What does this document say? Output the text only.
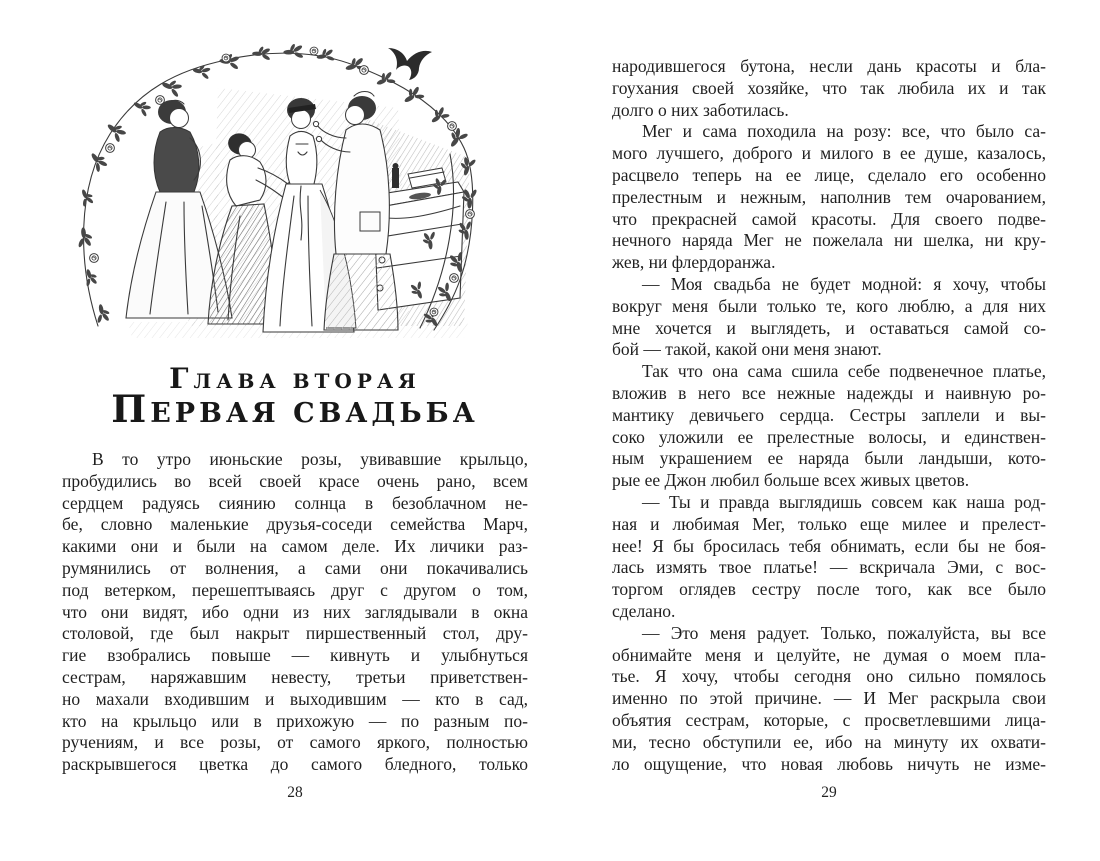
ГЛАВА ВТОРАЯ
ПЕРВАЯ СВАДЬБА
В то утро июньские розы, увивавшие крыльцо,
пробудились во всей своей красе очень рано, всем
сердцем радуясь сиянию солнца в безоблачном не-
бе, словно маленькие друзья-соседи семейства Марч,
какими они и были на самом деле. Их личики раз-
румянились от волнения, а сами они покачивались
под ветерком, перешептываясь друг с другом о том,
что они видят, ибо одни из них заглядывали в окна
столовой, где был накрыт пиршественный стол, дру-
гие взобрались повыше — кивнуть и улыбнуться
сестрам, наряжавшим невесту, третьи приветствен-
но махали входившим и выходившим — кто в сад,
кто на крыльцо или в прихожую — по разным по-
ручениям, и все розы, от самого яркого, полностью
раскрывшегося цветка до самого бледного, только
28
народившегося бутона, несли дань красоты и бла-
гоухания своей хозяйке, что так любила их и так
долго о них заботилась.
Мег и сама походила на розу: все, что было са-
мого лучшего, доброго и милого в ее душе, казалось,
расцвело теперь на ее лице, сделало его особенно
прелестным и нежным, наполнив тем очарованием,
что прекрасней самой красоты. Для своего подве-
нечного наряда Мег не пожелала ни шелка, ни кру-
жев, ни флердоранжа.
— Моя свадьба не будет модной: я хочу, чтобы
вокруг меня были только те, кого люблю, а для них
мне хочется и выглядеть, и оставаться самой со-
бой — такой, какой они меня знают.
Так что она сама сшила себе подвенечное платье,
вложив в него все нежные надежды и наивную ро-
мантику девичьего сердца. Сестры заплели и вы-
соко уложили ее прелестные волосы, и единствен-
ным украшением ее наряда были ландыши, кото-
рые ее Джон любил больше всех живых цветов.
— Ты и правда выглядишь совсем как наша род-
ная и любимая Мег, только еще милее и прелест-
нее! Я бы бросилась тебя обнимать, если бы не боя-
лась измять твое платье! — вскричала Эми, с вос-
торгом оглядев сестру после того, как все было
сделано.
— Это меня радует. Только, пожалуйста, вы все
обнимайте меня и целуйте, не думая о моем пла-
тье. Я хочу, чтобы сегодня оно сильно помялось
именно по этой причине. — И Мег раскрыла свои
объятия сестрам, которые, с просветлевшими лица-
ми, тесно обступили ее, ибо на минуту их охвати-
ло ощущение, что новая любовь ничуть не изме-
29
